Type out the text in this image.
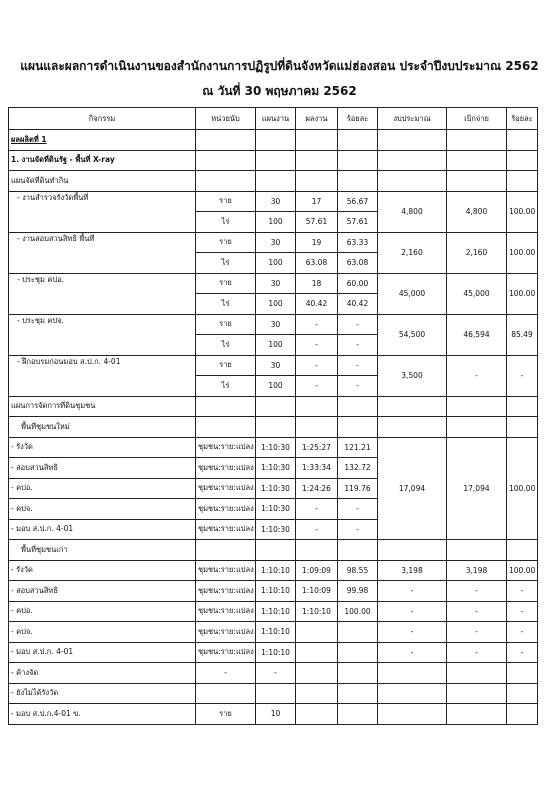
แผนและผลการดำเนินงานของสำนักงานการปฏิรูปที่ดินจังหวัดแม่ฮ่องสอน ประจำปีงบประมาณ 2562
ณ วันที่ 30 พฤษภาคม 2562
กิจกรรม	หน่วยนับ	แผนงาน	ผลงาน	ร้อยละ	งบประมาณ	เบิกจ่าย	ร้อยละ
ผลผลิตที่ 1							
1. งานจัดที่ดินรัฐ - พื้นที่ X-ray							
แผนจัดที่ดินทำกิน							
- งานสำรวจรังวัดพื้นที่	ราย	30	17	56.67	4,800	4,800	100.00
	ไร่	100	57.61	57.61			
- งานสอบสวนสิทธิ พื้นที่	ราย	30	19	63.33	2,160	2,160	100.00
	ไร่	100	63.08	63.08			
- ประชุม คปอ.	ราย	30	18	60.00	45,000	45,000	100.00
	ไร่	100	40.42	40.42			
- ประชุม คปจ.	ราย	30	-	-	54,500	46,594	85.49
	ไร่	100	-	-			
- ฝึกอบรมก่อนมอบ ส.ป.ก. 4-01	ราย	30	-	-	3,500	-	-
	ไร่	100	-	-			
แผนการจัดการที่ดินชุมชน							
พื้นที่ชุมชนใหม่							
- รังวัด	ชุมชน:ราย:แปลง	1:10:30	1:25:27	121.21	17,094	17,094	100.00
- สอบสวนสิทธิ	ชุมชน:ราย:แปลง	1:10:30	1:33:34	132.72			
- คปอ.	ชุมชน:ราย:แปลง	1:10:30	1:24:26	119.76			
- คปจ.	ชุมชน:ราย:แปลง	1:10:30	-	-			
- มอบ ส.ป.ก. 4-01	ชุมชน:ราย:แปลง	1:10:30	-	-			
พื้นที่ชุมชนเก่า							
- รังวัด	ชุมชน:ราย:แปลง	1:10:10	1:09:09	98.55	3,198	3,198	100.00
- สอบสวนสิทธิ	ชุมชน:ราย:แปลง	1:10:10	1:10:09	99.98	-	-	-
- คปอ.	ชุมชน:ราย:แปลง	1:10:10	1:10:10	100.00	-	-	-
- คปจ.	ชุมชน:ราย:แปลง	1:10:10			-	-	-
- มอบ ส.ป.ก. 4-01	ชุมชน:ราย:แปลง	1:10:10			-	-	-
- ค้างจัด	-	-					
- ยังไม่ได้รังวัด							
- มอบ ส.ป.ก.4-01 ข.	ราย	10					
